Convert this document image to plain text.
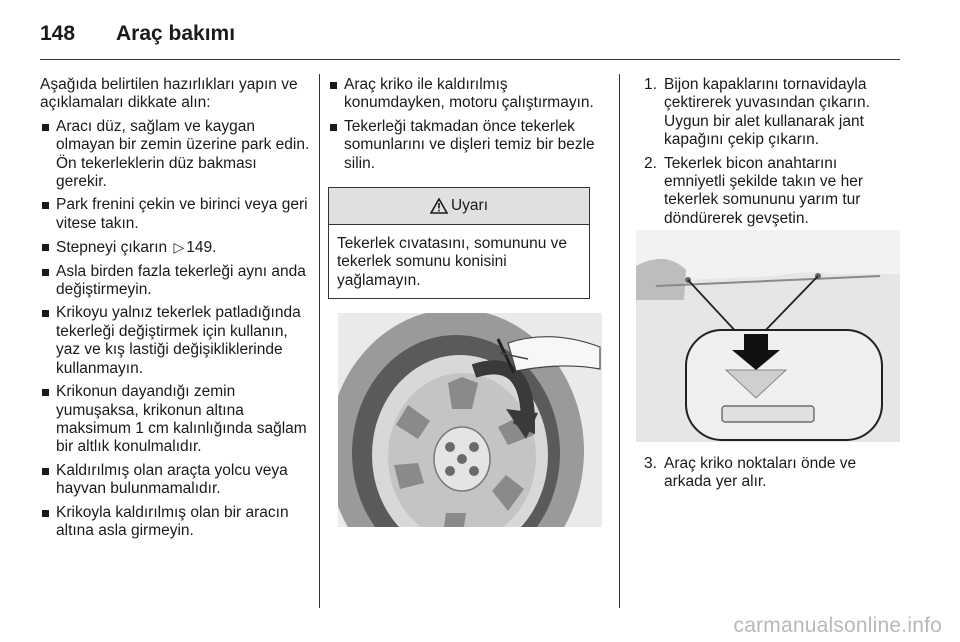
148 Araç bakımı

Aşağıda belirtilen hazırlıkları yapın ve açıklamaları dikkate alın:

Aracı düz, sağlam ve kaygan olmayan bir zemin üzerine park edin. Ön tekerleklerin düz bakması gerekir.
Park frenini çekin ve birinci veya geri vitese takın.
Stepneyi çıkarın ▷ 149.
Asla birden fazla tekerleği aynı anda değiştirmeyin.
Krikoyu yalnız tekerlek patladığında tekerleği değiştirmek için kullanın, yaz ve kış lastiği değişikliklerinde kullanmayın.
Krikonun dayandığı zemin yumuşaksa, krikonun altına maksimum 1 cm kalınlığında sağlam bir altlık konulmalıdır.
Kaldırılmış olan araçta yolcu veya hayvan bulunmamalıdır.
Krikoyla kaldırılmış olan bir aracın altına asla girmeyin.
Araç kriko ile kaldırılmış konumdayken, motoru çalıştırmayın.
Tekerleği takmadan önce tekerlek somunlarını ve dişleri temiz bir bezle silin.
Uyarı
Tekerlek cıvatasını, somununu ve tekerlek somunu konisini yağlamayın.
1. Bijon kapaklarını tornavidayla çektirerek yuvasından çıkarın. Uygun bir alet kullanarak jant kapağını çekip çıkarın.
2. Tekerlek bicon anahtarını emniyetli şekilde takın ve her tekerlek somununu yarım tur döndürerek gevşetin.
3. Araç kriko noktaları önde ve arkada yer alır.
carmanualsonline.info
